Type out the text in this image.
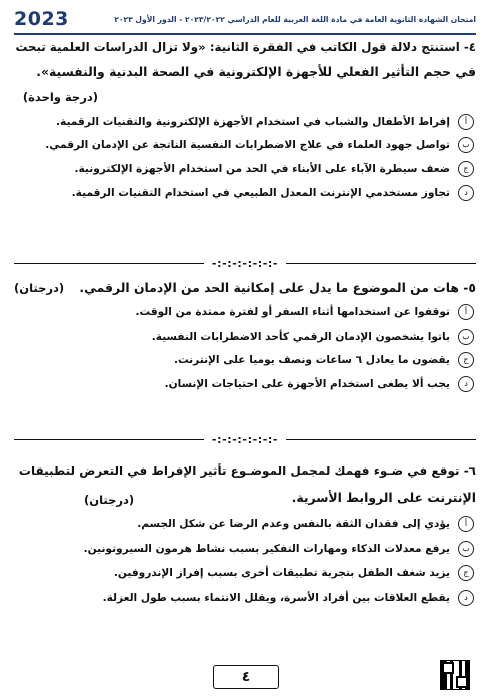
2023	امتحان الشهادة الثانوية العامة في مادة اللغة العربية للعام الدراسي ٢٠٢٣/٢٠٢٢ - الدور الأول ٢٠٢٣
٤- استنتج دلالة قول الكاتب في الفقرة الثانية: «ولا تزال الدراسات العلمية تبحث
في حجم التأثير الفعلي للأجهزة الإلكترونية في الصحة البدنية والنفسية».
(درجة واحدة)
أ
إفراط الأطفال والشباب في استخدام الأجهزة الإلكترونية والتقنيات الرقمية.
ب
تواصل جهود العلماء في علاج الاضطرابات النفسية الناتجة عن الإدمان الرقمي.
ج
ضعف سيطرة الآباء على الأبناء في الحد من استخدام الأجهزة الإلكترونية.
د
تجاوز مستخدمي الإنترنت المعدل الطبيعي في استخدام التقنيات الرقمية.
-:-:-:-:-:-:-
٥- هات من الموضوع ما يدل على إمكانية الحد من الإدمان الرقمي.
(درجتان)
أ
توقفوا عن استخدامها أثناء السفر أو لفترة ممتدة من الوقت.
ب
باتوا يشخصون الإدمان الرقمي كأحد الاضطرابات النفسية.
ج
يقضون ما يعادل ٦ ساعات ونصف يوميا على الإنترنت.
د
يجب ألا يطغى استخدام الأجهزة على احتياجات الإنسان.
-:-:-:-:-:-:-
٦- توقع في ضـوء فهمك لمجمل الموضـوع تأثير الإفراط في التعرض لتطبيقات
الإنترنت على الروابط الأسرية.
(درجتان)
أ
يؤدي إلى فقدان الثقة بالنفس وعدم الرضا عن شكل الجسم.
ب
يرفع معدلات الذكاء ومهارات التفكير بسبب نشاط هرمون السيروتونين.
ج
يزيد شغف الطفل بتجربة تطبيقات أخرى بسبب إفراز الإندروفين.
د
يقطع العلاقات بين أفراد الأسرة، ويقلل الانتماء بسبب طول العزلة.
٤
